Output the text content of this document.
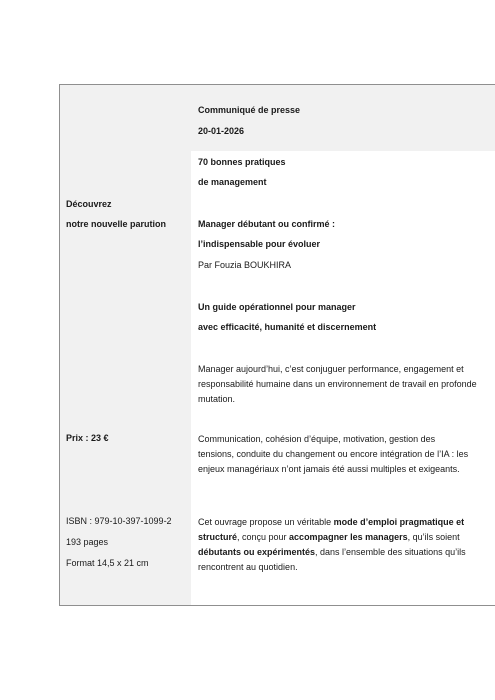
Communiqué de presse
20-01-2026
70 bonnes pratiques
de management
Manager débutant ou confirmé :
l’indispensable pour évoluer
Par Fouzia BOUKHIRA
Un guide opérationnel pour manager
avec efficacité, humanité et discernement
Découvrez
notre nouvelle parution
Prix : 23 €
ISBN : 979-10-397-1099-2
193 pages
Format 14,5 x 21 cm
Manager aujourd’hui, c’est conjuguer performance, engagement et responsabilité humaine dans un environnement de travail en profonde mutation.
Communication, cohésion d’équipe, motivation, gestion des tensions, conduite du changement ou encore intégration de l’IA : les enjeux managériaux n’ont jamais été aussi multiples et exigeants.
Cet ouvrage propose un véritable mode d’emploi pragmatique et structuré, conçu pour accompagner les managers, qu’ils soient débutants ou expérimentés, dans l’ensemble des situations qu’ils rencontrent au quotidien.
